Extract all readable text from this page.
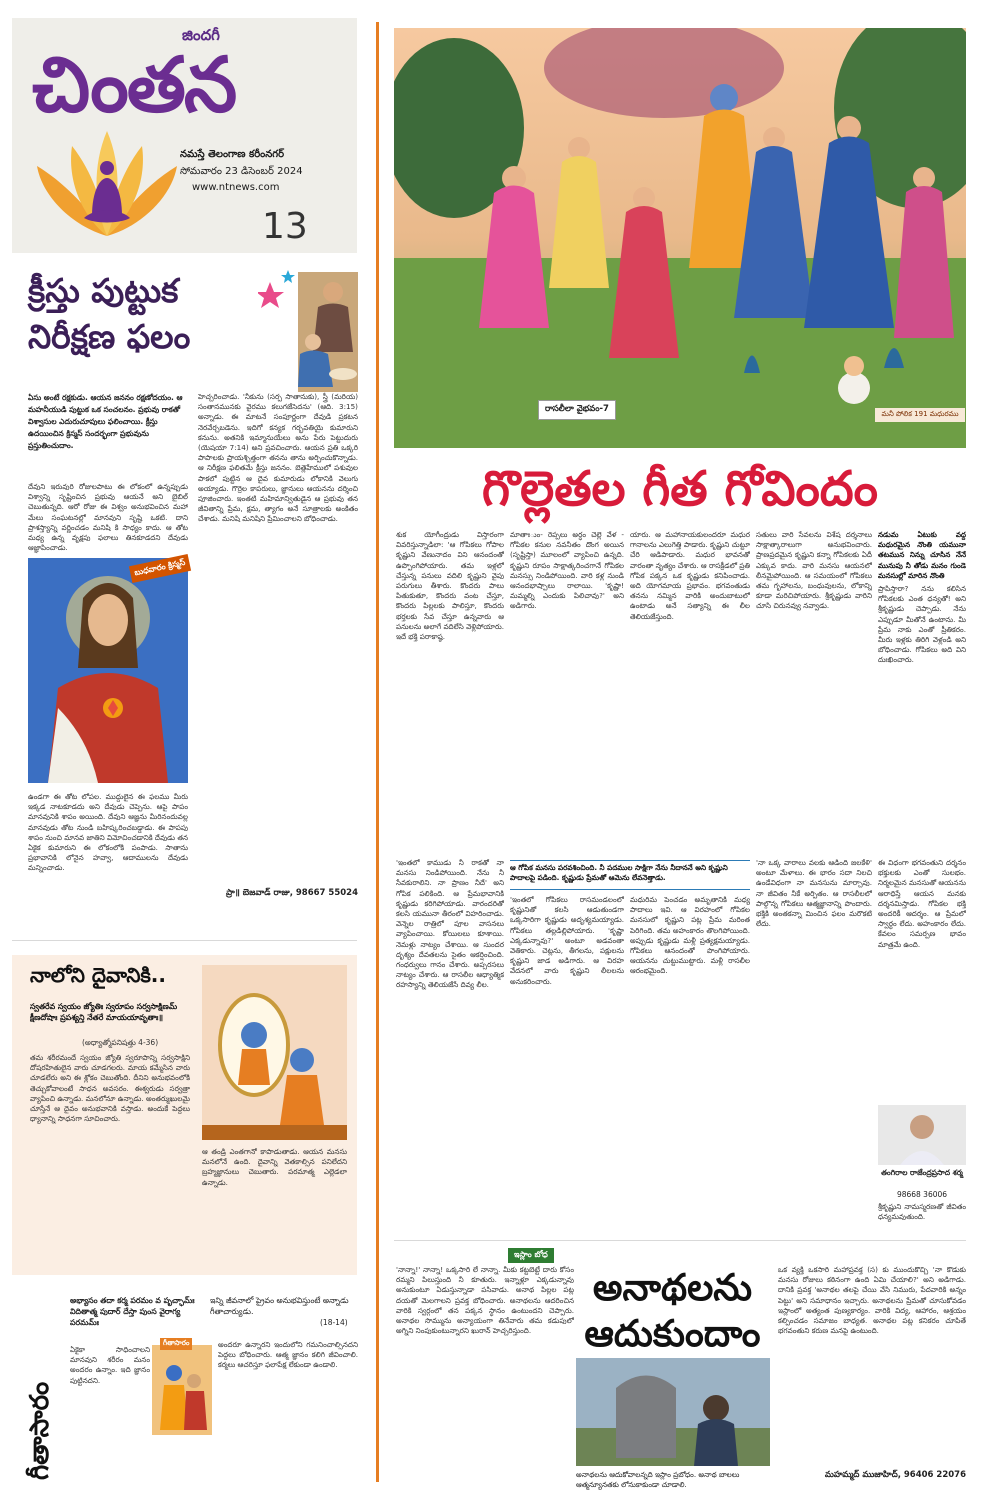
జిందగీ
చింతన
నమస్తే తెలంగాణ కరీంనగర్
సోమవారం 23 డిసెంబర్ 2024
www.ntnews.com
13
క్రీస్తు పుట్టుక
నిరీక్షణ ఫలం
ఏసు అంటే రక్షకుడు. ఆయన జననం రక్షణోదయం. ఆ మహనీయుడి పుట్టుక ఒక సంచలనం. ప్రభువు రాకతో విశ్వాసుల ఎదురుచూపులు ఫలించాయి. క్రీస్తు ఉదయించిన క్రిస్మస్ సందర్భంగా ప్రభువును ప్రస్తుతించుదాం.

దేవుని ఇరువురి రోజులపాటు ఈ లోకంలో ఉన్నప్పుడు విశ్వాన్ని సృష్టించిన ప్రభువు ఆయనే అని బైబిల్ చెబుతున్నది. ఆరో రోజు ఈ విశ్వం అనుభవించిన మహా మేలు సంఘటనల్లో మానవుని సృష్టి ఒకటి. దాని ప్రాశస్త్యాన్ని వర్ణించడం మనిషి కి సాధ్యం కాదు. ఆ తోట మధ్య ఉన్న వృక్షపు ఫలాలు తినకూడదని దేవుడు ఆజ్ఞాపించాడు.

హెచ్చరించాడు. 'నీకును (సర్ప సాతానుకు), స్త్రీ (మరియ) సంతానమునకు వైరము కలుగజేసెదను' (ఆది. 3:15) అన్నాడు. ఈ మాటనే సంపూర్ణంగా దేవుడి ప్రకటన నెరవేర్చబడెను. ఇదిగో కన్యక గర్భవతియై కుమారుని కనును. అతనికి ఇమ్మానుయేలు అను పేరు పెట్టుదురు (యెషయా 7:14) అని ప్రవచించారు. ఆయన ప్రతి ఒక్కరి పాపాలకు ప్రాయశ్చిత్తంగా తనను తాను అర్పించుకొన్నాడు. ఆ నిరీక్షణ ఫలితమే క్రీస్తు జననం. బెత్లెహేములో పశువుల పాకలో పుట్టిన ఆ దైవ కుమారుడు లోకానికి వెలుగు అయ్యాడు. గొర్రెల కాపరులు, జ్ఞానులు ఆయనను దర్శించి పూజించారు. ఇంతటి మహిమాన్వితుడైన ఆ ప్రభువు తన జీవితాన్ని ప్రేమ, క్షమ, త్యాగం అనే సూత్రాలకు అంకితం చేశాడు. మనిషి మనిషిని ప్రేమించాలని బోధించాడు.

బుధవారం క్రిస్మస్

ఉండగా ఈ తోట లోపల. ముద్దులైన ఈ ఫలము మీరు ఇక్కడ నాటకూడదు అని దేవుడు చెప్పెను. ఆపై పాపం మానవునికి శాపం అయింది. దేవుని ఆజ్ఞను మీరినందువల్ల మానవుడు తోట నుండి బహిష్కరించబడ్డాడు. ఈ పాపపు శాపం నుంచి మానవ జాతిని విమోచించడానికి దేవుడు తన ఏకైక కుమారుని ఈ లోకంలోకి పంపాడు. సాతాను ప్రభావానికి లోనైన హవ్వా, ఆదాములను దేవుడు మన్నించాడు.

ప్రా॥ బెజవాడ్ రాజు, 98667 55024
నాలోని దైవానికి..
స్వతరేవ స్వయం జ్యోతిః స్వరూపం సర్వసాక్షిణమ్‌ క్షీణదోషాః ప్రపశ్యన్తి నేతరే మాయయావృతాః॥
(అధ్యాత్మోపనిషత్తు 4-36)

తమ శరీరమందే స్వయం జ్యోతి స్వరూపాన్ని సర్వసాక్షిని దోషరహితులైన వారు చూడగలరు. మాయ కమ్మేసిన వారు చూడలేరు అని ఈ శ్లోకం చెబుతోంది. దీనిని అనుభవంలోకి తెచ్చుకోవాలంటే సాధన అవసరం. ఈశ్వరుడు సర్వత్రా వ్యాపించి ఉన్నాడు. మనలోనూ ఉన్నాడు. అంతర్ముఖులమై చూస్తేనే ఆ దైవం అనుభవానికి వస్తాడు. అందుకే పెద్దలు ధ్యానాన్ని సాధనగా సూచించారు.

ఆ తండ్రి ఎంతగానో కాపాడుతాడు. ఆయన మనసు మనలోనే ఉంది. దైవాన్ని వెతకాల్సిన పనిలేదని బ్రహ్మజ్ఞానులు చెబుతారు. పరమాత్మ ఎల్లెడలా ఉన్నాడు.

గీతాసారం
అభ్యాసం తదా కర్మ పరమం వ పృచ్ఛామ్ః విదితాత్మ పుదార్ దేస్తా పుంస వైరాగ్య పరమమ్ః
ఇన్ని జీవనాలో ప్రైవం అనుభవిస్తుంటే అన్నాడు గీతాచార్యుడు.
(18-14)

ఏకైకా సాధించాలని మానవుని శరీరం మనం అందరం ఉన్నాం. ఇది జ్ఞానం పుట్టినదని.

గీతాసారం	అందరూ ఉన్నారని ఇందులోని గమనించాల్సినదని పెద్దలు బోధించారు. ఆత్మ జ్ఞానం కలిగి జీవించాలి. కర్మలు ఆచరిస్తూ ఫలాపేక్ష లేకుండా ఉండాలి.

రాసలీలా వైభవం-7	మనీ పోలిక 191 మధురము
గొల్లెతల గీత గోవిందం

శుక యోగీంద్రుడు విస్తారంగా వివరిస్తున్నాడిలా: 'ఆ గోపికలు గోపాల కృష్ణుని వేణునాదం విని ఆనందంతో ఉప్పొంగిపోయారు. తమ ఇళ్లలో చేస్తున్న పనులు వదిలి కృష్ణుని వైపు పరుగులు తీశారు. కొందరు పాలు పితుకుతూ, కొందరు వంట చేస్తూ, కొందరు పిల్లలకు పాలిస్తూ, కొందరు భర్తలకు సేవ చేస్తూ ఉన్నవారు ఆ పనులను అలాగే వదిలేసి వెళ్లిపోయారు. ఇదే భక్తి పరాకాష్ఠ.

మాతాఃుం- రెప్పలు అర్ధం చెల్లె వేళ - గోపికల కనుల నవనీతం దొంగ అయిన (సృష్టిస్తా) మూలంలో వ్యాపించి ఉన్నది. కృష్ణుని రూపం సాక్షాత్కరించగానే గోపికల మనస్సు నిండిపోయింది. వారి కళ్ల నుండి ఆనందభాష్పాలు రాలాయి. 'కృష్ణా! మమ్మల్ని ఎందుకు పిలిచావు?' అని అడిగారు.

యారు. ఆ మహానాయకులందరూ మధుర గానాలను ఎలుగెత్తి పాడారు. కృష్ణుని చుట్టూ చేరి ఆడిపాడారు. మధుర భావనతో వారంతా నృత్యం చేశారు. ఆ రాసక్రీడలో ప్రతి గోపిక పక్కన ఒక కృష్ణుడు కనిపించాడు. అది యోగమాయ ప్రభావం. భగవంతుడు తనను నమ్మిన వారికి అందుబాటులో ఉంటాడు అనే సత్యాన్ని ఈ లీల తెలియజేస్తుంది.

సతులు వారి సేవలను విశేష దర్శనాలు సాక్షాత్కారాలుగా అనుభవించారు. ప్రాణప్రదమైన కృష్ణుని కన్నా గోపికలకు ఏదీ ఎక్కువ కాదు. వారి మనసు ఆయనలో లీనమైపోయింది. ఆ సమయంలో గోపికలు తమ గృహాలను, బంధువులను, లోకాన్ని కూడా మరిచిపోయారు. శ్రీకృష్ణుడు వారిని చూసి చిరునవ్వు నవ్వాడు.

నడుమ ఏటుకు వద్ద మధురమైన నొంతి యమునా తటమున నిన్ను చూసిన నేనే మునుపు నీ తోడు మనం గుండె మనసుల్లో మారిన నొంతి

ప్రాపిస్తారా? నను కలిసిన గోపికలకు ఎంత ధన్యతో! అని శ్రీకృష్ణుడు చెప్పాడు. నేను ఎప్పుడూ మీతోనే ఉంటాను. మీ ప్రేమ నాకు ఎంతో ప్రీతికరం. మీరు ఇళ్లకు తిరిగి వెళ్లండి అని బోధించాడు. గోపికలు అది విని దుఃఖించారు.

ఆ గోపిక మనసు పరవశించింది. నీ పదముల సాక్షిగా నేను నీదాననే అని కృష్ణుని పాదాలపై పడింది. కృష్ణుడు ప్రేమతో ఆమెను లేవనెత్తాడు.

'ఇంతలో కాముడు నీ రాకతో నా మనసు నిండిపోయింది. నేను నీ సేవకురాలిని. నా ప్రాణం నీదే' అని గోపిక పలికింది. ఆ ప్రేమభావానికి కృష్ణుడు కరిగిపోయాడు. వారందరితో కలసి యమునా తీరంలో విహరించాడు. వెన్నెల రాత్రిలో పూల వాసనలు వ్యాపించాయి. కోయిలలు కూశాయి. నెమళ్లు నాట్యం చేశాయి. ఆ సుందర దృశ్యం దేవతలను సైతం ఆకర్షించింది. గంధర్వులు గానం చేశారు. అప్సరసలు నాట్యం చేశారు. ఆ రాసలీల ఆధ్యాత్మిక రహస్యాన్ని తెలియజేసే దివ్య లీల.

'ఇంతలో గోపికలు రాసమండలంలో కృష్ణునితో కలసి ఆడుతుండగా ఒక్కసారిగా కృష్ణుడు అదృశ్యమయ్యాడు. గోపికలు తల్లడిల్లిపోయారు. 'కృష్ణా ఎక్కడున్నావు?' అంటూ అడవంతా వెతికారు. చెట్లను, తీగలను, పక్షులను కృష్ణుని జాడ అడిగారు. ఆ విరహ వేదనలో వారు కృష్ణుని లీలలను అనుకరించారు.

మధురిమ పెంచడం అమృతానికి మధ్య పాదాలు ఇవి. ఆ విరహంలో గోపికల మనసులో కృష్ణుని పట్ల ప్రేమ మరింత పెరిగింది. తమ అహంకారం తొలగిపోయింది. అప్పుడు కృష్ణుడు మళ్లీ ప్రత్యక్షమయ్యాడు. గోపికలు ఆనందంతో పొంగిపోయారు. ఆయనను చుట్టుముట్టారు. మళ్లీ రాసలీల ఆరంభమైంది.

'నా ఒక్క వారాలు వలకు ఆడింది జలకేళి' అంటూ మేళాలు. ఈ భారం సదా నిలచి ఉండేవిధంగా నా మనసును మార్చావు. నా జీవితం నీకే అర్పితం. ఆ రాసలీలలో పాల్గొన్న గోపికలు ఆత్మజ్ఞానాన్ని పొందారు. భక్తికి అంతకన్నా మించిన ఫలం మరొకటి లేదు.

ఈ విధంగా భగవంతుని దర్శనం భక్తులకు ఎంతో సులభం. నిర్మలమైన మనసుతో ఆయనను ఆరాధిస్తే ఆయన మనకు దర్శనమిస్తాడు. గోపికల భక్తి అందరికీ ఆదర్శం. ఆ ప్రేమలో స్వార్థం లేదు. అహంకారం లేదు. కేవలం సమర్పణ భావం మాత్రమే ఉంది.

తంగిరాల రాజేంద్రప్రసాద శర్మ
98668 36006

శ్రీకృష్ణుని నామస్మరణతో జీవితం ధన్యమవుతుంది.

ఇస్లాం బోధ
అనాథలను
ఆదుకుందాం

'నాన్నా!' నాన్నా! ఒక్కసారి లే నాన్నా. మీకు కట్టబెట్టే దారు కోసం రమ్మని పిలుస్తుంది నీ కూతురు. ఇన్నాళ్లూ ఎక్కడున్నావు అనుకుంటూ ఏడుస్తున్నాడా పసివాడు. అనాథ పిల్లల పట్ల దయతో మెలగాలని ప్రవక్త బోధించారు. అనాథలను ఆదరించిన వారికి స్వర్గంలో తన పక్కన స్థానం ఉంటుందని చెప్పారు. అనాథల సొమ్మును అన్యాయంగా తినేవారు తమ కడుపులో అగ్నిని నింపుకుంటున్నారని ఖురాన్ హెచ్చరిస్తుంది.

అనాథలను ఆదుకోవాలన్నది ఇస్లాం ప్రబోధం. అనాథ బాలలు ఆత్మన్యూనతకు లోనుకాకుండా చూడాలి.

ఒక వ్యక్తి ఒకసారి మహాప్రవక్త (స) కు ముందుకొచ్చి 'నా కొడుకు మనసు రోజులు కఠినంగా ఉంది ఏమి చేయాలి?' అని అడిగాడు. దానికి ప్రవక్త 'అనాథల తలపై చేయి వేసి నిమురు, పేదవారికి అన్నం పెట్టు' అని సమాధానం ఇచ్చారు. అనాథలను ప్రేమతో చూసుకోవడం ఇస్లాంలో అత్యంత పుణ్యకార్యం. వారికి విద్య, ఆహారం, ఆశ్రయం కల్పించడం సమాజం బాధ్యత. అనాథల పట్ల కనికరం చూపితే భగవంతుని కరుణ మనపై ఉంటుంది.

మహమ్మద్ ముజాహిద్, 96406 22076
